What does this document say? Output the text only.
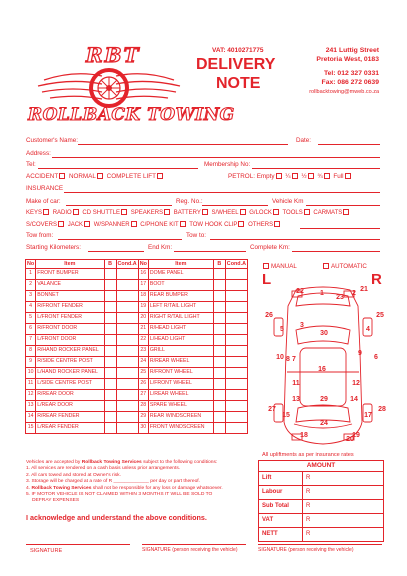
RBT
ROLLBACK TOWING
VAT: 4010271775
DELIVERY
NOTE
241 Luttig Street
Pretoria West, 0183
Tel: 012 327 0331
Fax: 086 272 0639
rollbacktowing@mweb.co.za
Customer's Name:	Date:
Address:
Tel:	Membership No:
ACCIDENT NORMAL COMPLETE LIFT	PETROL: Empty ¼ ½ ¾ Full
INSURANCE
Make of car:	Reg. No.:	Vehicle Km
KEYS RADIO CD SHUTTLE SPEAKERS BATTERY S/WHEEL G/LOCK TOOLS CARMATS
S/COVERS JACK W/SPANNER C/PHONE KIT TOW HOOK CLIP OTHERS
Tow from:	Tow to:
Starting Kilometers:	End Km:	Complete Km:
No	Item	B	Cond.A	No	Item	B	Cond.A
1	FRONT BUMPER			16	DOME PANEL		
2	VALANCE			17	BOOT		
3	BONNET			18	REAR BUMPER		
4	R/FRONT FENDER			19	LEFT R/TAIL LIGHT		
5	L/FRONT FENDER			20	RIGHT R/TAIL LIGHT		
6	R/FRONT DOOR			21	R/HEAD LIGHT		
7	L/FRONT DOOR			22	L/HEAD LIGHT		
8	R/HAND ROCKER PANEL			23	GRILL		
9	R/SIDE CENTRE POST			24	R/REAR WHEEL		
10	L/HAND ROCKER PANEL			25	R/FRONT WHEEL		
11	L/SIDE CENTRE POST			26	L/FRONT WHEEL		
12	R/REAR DOOR			27	L/REAR WHEEL		
13	L/REAR DOOR			28	SPARE WHEEL		
14	R/REAR FENDER			29	REAR WINDSCREEN		
15	L/REAR FENDER			30	FRONT WINDSCREEN		
MANUAL	AUTOMATIC
L	R
22	1
23
2
21
26
5
3
4
25
30
8
9
10	7	6
16
11	12
13	14
29
27
15	17
28
24
19
18
20
Vehicles are accepted by Rollback Towing Services subject to the following conditions:
1. All services are rendered on a cash basis unless prior arrangements.
2. All cars towed and stored at Owner's risk.
3. Storage will be charged at a rate of R _____________ per day or part thereof.
4. Rollback Towing Services shall not be responsible for any loss or damage whatsoever.
5. IF MOTOR VEHICLE IS NOT CLAIMED WITHIN 3 MONTHS IT WILL BE SOLD TO
DEFRAY EXPENSES
I acknowledge and understand the above conditions.
All upliftments as per insurance rates
AMOUNT	
Lift	R
Labour	R
Sub Total	R
VAT	R
NETT	R
SIGNATURE	SIGNATURE (person receiving the vehicle)	SIGNATURE (person receiving the vehicle)
